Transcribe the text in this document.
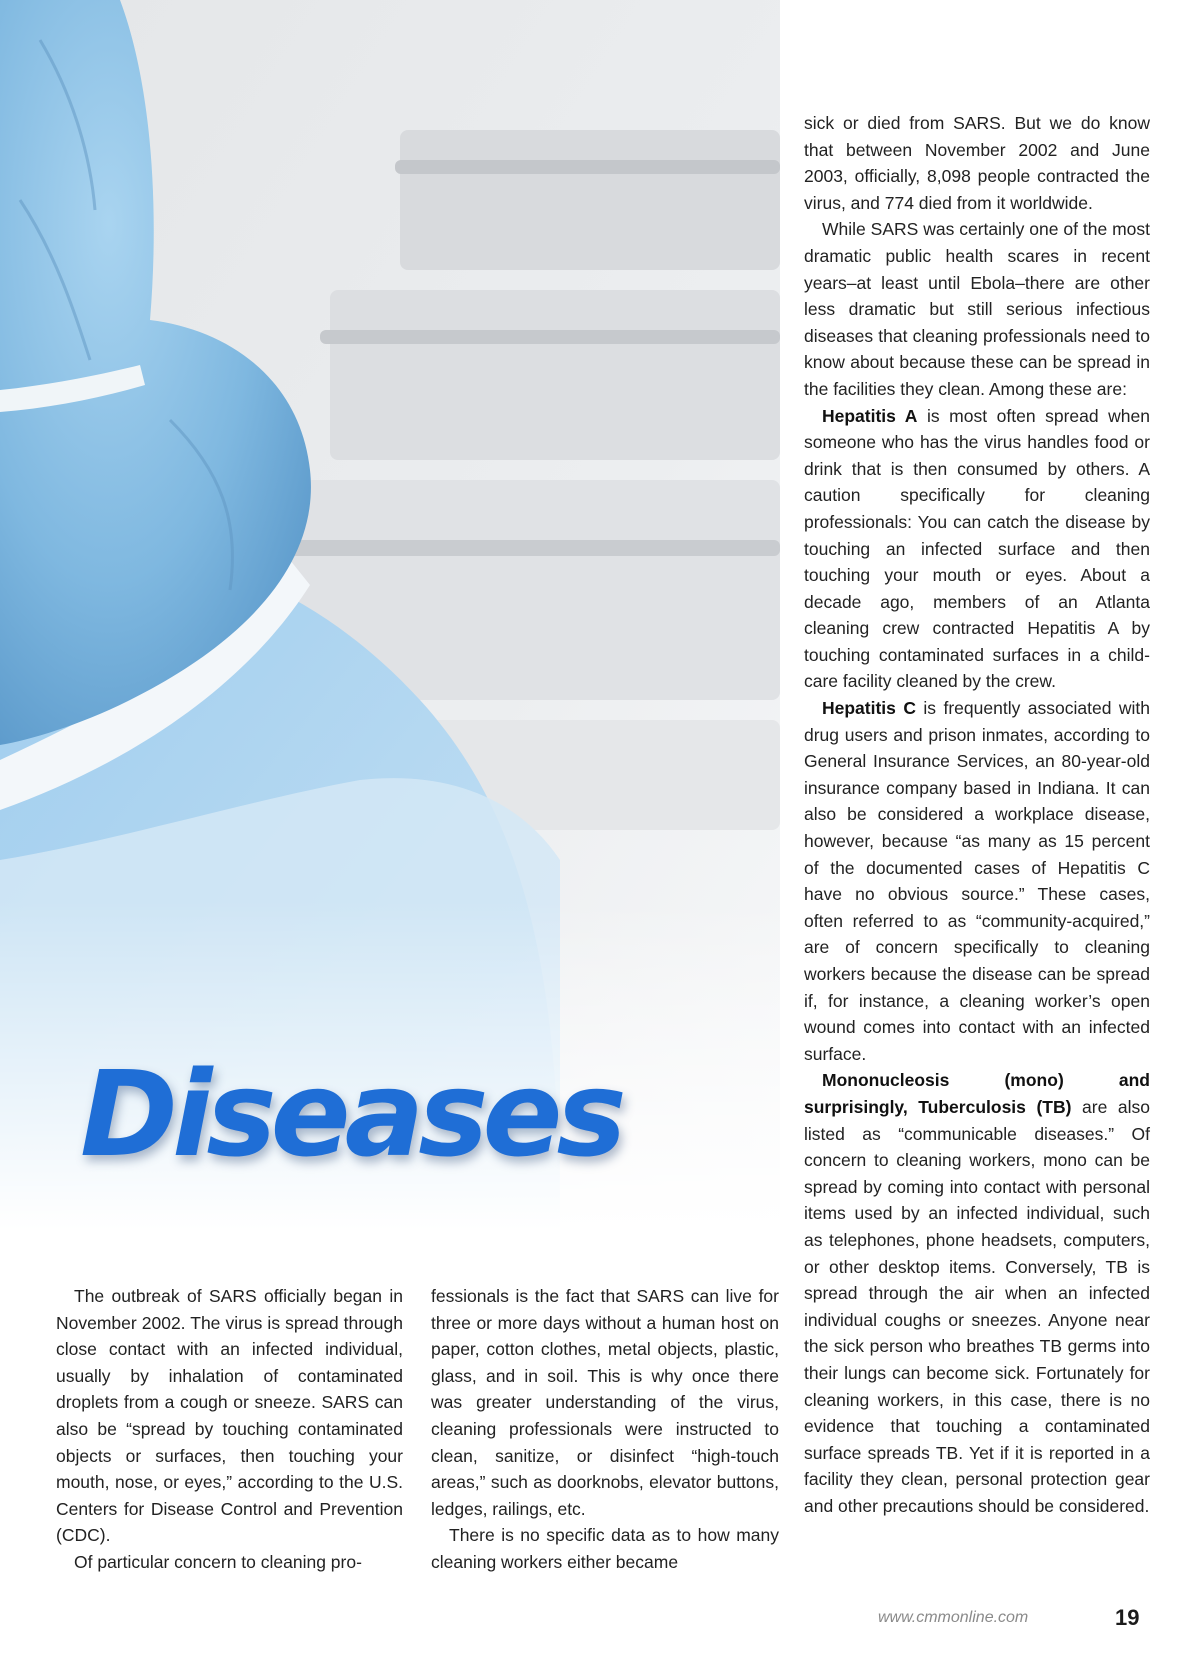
Diseases

The outbreak of SARS officially began in November 2002. The virus is spread through close contact with an infected individual, usually by inhalation of contaminated droplets from a cough or sneeze. SARS can also be “spread by touching contaminated objects or surfaces, then touching your mouth, nose, or eyes,” according to the U.S. Centers for Disease Control and Prevention (CDC).

Of particular concern to cleaning pro-

fessionals is the fact that SARS can live for three or more days without a human host on paper, cotton clothes, metal objects, plastic, glass, and in soil. This is why once there was greater understanding of the virus, cleaning professionals were instructed to clean, sanitize, or disinfect “high-touch areas,” such as doorknobs, elevator buttons, ledges, railings, etc.

There is no specific data as to how many cleaning workers either became

sick or died from SARS. But we do know that between November 2002 and June 2003, officially, 8,098 people contracted the virus, and 774 died from it worldwide.

While SARS was certainly one of the most dramatic public health scares in recent years–at least until Ebola–there are other less dramatic but still serious infectious diseases that cleaning professionals need to know about because these can be spread in the facilities they clean. Among these are:

Hepatitis A is most often spread when someone who has the virus handles food or drink that is then consumed by others. A caution specifically for cleaning professionals: You can catch the disease by touching an infected surface and then touching your mouth or eyes. About a decade ago, members of an Atlanta cleaning crew contracted Hepatitis A by touching contaminated surfaces in a child-care facility cleaned by the crew.

Hepatitis C is frequently associated with drug users and prison inmates, according to General Insurance Services, an 80-year-old insurance company based in Indiana. It can also be considered a workplace disease, however, because “as many as 15 percent of the documented cases of Hepatitis C have no obvious source.” These cases, often referred to as “community-acquired,” are of concern specifically to cleaning workers because the disease can be spread if, for instance, a cleaning worker’s open wound comes into contact with an infected surface.

Mononucleosis (mono) and surprisingly, Tuberculosis (TB) are also listed as “communicable diseases.” Of concern to cleaning workers, mono can be spread by coming into contact with personal items used by an infected individual, such as telephones, phone headsets, computers, or other desktop items. Conversely, TB is spread through the air when an infected individual coughs or sneezes. Anyone near the sick person who breathes TB germs into their lungs can become sick. Fortunately for cleaning workers, in this case, there is no evidence that touching a contaminated surface spreads TB. Yet if it is reported in a facility they clean, personal protection gear and other precautions should be considered.

www.cmmonline.com	19
